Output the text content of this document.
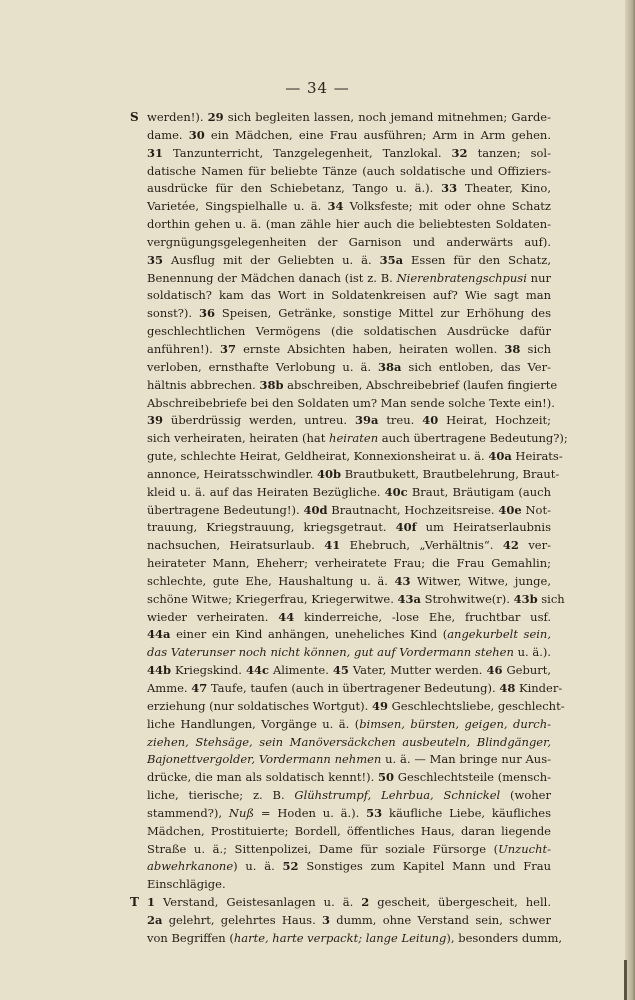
— 34 —
S werden!). 29 sich begleiten lassen, noch jemand mitnehmen; Garde-
dame. 30 ein Mädchen, eine Frau ausführen; Arm in Arm gehen.
31 Tanzunterricht, Tanzgelegenheit, Tanzlokal. 32 tanzen; sol-
datische Namen für beliebte Tänze (auch soldatische und Offiziers-
ausdrücke für den Schiebetanz, Tango u. ä.). 33 Theater, Kino,
Varietée, Singspielhalle u. ä. 34 Volksfeste; mit oder ohne Schatz
dorthin gehen u. ä. (man zähle hier auch die beliebtesten Soldaten-
vergnügungsgelegenheiten der Garnison und anderwärts auf).
35 Ausflug mit der Geliebten u. ä. 35a Essen für den Schatz,
Benennung der Mädchen danach (ist z. B. Nierenbratengschpusi nur
soldatisch? kam das Wort in Soldatenkreisen auf? Wie sagt man
sonst?). 36 Speisen, Getränke, sonstige Mittel zur Erhöhung des
geschlechtlichen Vermögens (die soldatischen Ausdrücke dafür
anführen!). 37 ernste Absichten haben, heiraten wollen. 38 sich
verloben, ernsthafte Verlobung u. ä. 38a sich entloben, das Ver-
hältnis abbrechen. 38b abschreiben, Abschreibebrief (laufen fingierte
Abschreibebriefe bei den Soldaten um? Man sende solche Texte ein!).
39 überdrüssig werden, untreu. 39a treu. 40 Heirat, Hochzeit;
sich verheiraten, heiraten (hat heiraten auch übertragene Bedeutung?);
gute, schlechte Heirat, Geldheirat, Konnexionsheirat u. ä. 40a Heirats-
annonce, Heiratsschwindler. 40b Brautbukett, Brautbelehrung, Braut-
kleid u. ä. auf das Heiraten Bezügliche. 40c Braut, Bräutigam (auch
übertragene Bedeutung!). 40d Brautnacht, Hochzeitsreise. 40e Not-
trauung, Kriegstrauung, kriegsgetraut. 40f um Heiratserlaubnis
nachsuchen, Heiratsurlaub. 41 Ehebruch, „Verhältnis“. 42 ver-
heirateter Mann, Eheherr; verheiratete Frau; die Frau Gemahlin;
schlechte, gute Ehe, Haushaltung u. ä. 43 Witwer, Witwe, junge,
schöne Witwe; Kriegerfrau, Kriegerwitwe. 43a Strohwitwe(r). 43b sich
wieder verheiraten. 44 kinderreiche, -lose Ehe, fruchtbar usf.
44a einer ein Kind anhängen, uneheliches Kind (angekurbelt sein,
das Vaterunser noch nicht können, gut auf Vordermann stehen u. ä.).
44b Kriegskind. 44c Alimente. 45 Vater, Mutter werden. 46 Geburt,
Amme. 47 Taufe, taufen (auch in übertragener Bedeutung). 48 Kinder-
erziehung (nur soldatisches Wortgut). 49 Geschlechtsliebe, geschlecht-
liche Handlungen, Vorgänge u. ä. (bimsen, bürsten, geigen, durch-
ziehen, Stehsäge, sein Manöversäckchen ausbeuteln, Blindgänger,
Bajonettvergolder, Vordermann nehmen u. ä. — Man bringe nur Aus-
drücke, die man als soldatisch kennt!). 50 Geschlechtsteile (mensch-
liche, tierische; z. B. Glühstrumpf, Lehrbua, Schnickel (woher
stammend?), Nuß = Hoden u. ä.). 53 käufliche Liebe, käufliches
Mädchen, Prostituierte; Bordell, öffentliches Haus, daran liegende
Straße u. ä.; Sittenpolizei, Dame für soziale Fürsorge (Unzucht-
abwehrkanone) u. ä. 52 Sonstiges zum Kapitel Mann und Frau
Einschlägige.
T 1 Verstand, Geistesanlagen u. ä. 2 gescheit, übergescheit, hell.
2a gelehrt, gelehrtes Haus. 3 dumm, ohne Verstand sein, schwer
von Begriffen (harte, harte verpackt; lange Leitung), besonders dumm,
